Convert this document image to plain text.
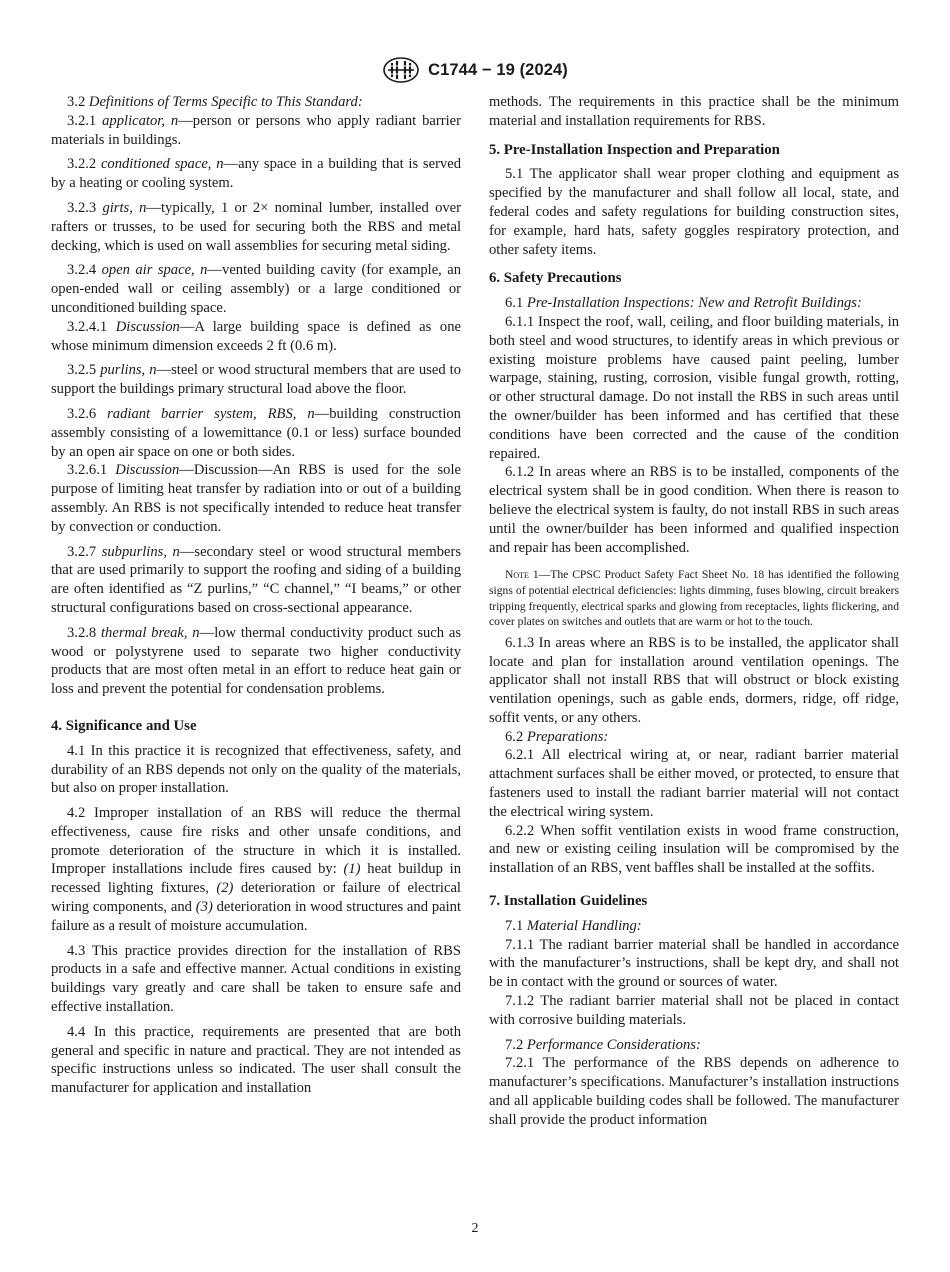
C1744 − 19 (2024)

3.2 Definitions of Terms Specific to This Standard:

3.2.1 applicator, n—person or persons who apply radiant barrier materials in buildings.

3.2.2 conditioned space, n—any space in a building that is served by a heating or cooling system.

3.2.3 girts, n—typically, 1 or 2× nominal lumber, installed over rafters or trusses, to be used for securing both the RBS and metal decking, which is used on wall assemblies for securing metal siding.

3.2.4 open air space, n—vented building cavity (for example, an open-ended wall or ceiling assembly) or a large conditioned or unconditioned building space.

3.2.4.1 Discussion—A large building space is defined as one whose minimum dimension exceeds 2 ft (0.6 m).

3.2.5 purlins, n—steel or wood structural members that are used to support the buildings primary structural load above the floor.

3.2.6 radiant barrier system, RBS, n—building construction assembly consisting of a lowemittance (0.1 or less) surface bounded by an open air space on one or both sides.

3.2.6.1 Discussion—Discussion—An RBS is used for the sole purpose of limiting heat transfer by radiation into or out of a building assembly. An RBS is not specifically intended to reduce heat transfer by convection or conduction.

3.2.7 subpurlins, n—secondary steel or wood structural members that are used primarily to support the roofing and siding of a building are often identified as “Z purlins,” “C channel,” “I beams,” or other structural configurations based on cross-sectional appearance.

3.2.8 thermal break, n—low thermal conductivity product such as wood or polystyrene used to separate two higher conductivity products that are most often metal in an effort to reduce heat gain or loss and prevent the potential for condensation problems.

4. Significance and Use

4.1 In this practice it is recognized that effectiveness, safety, and durability of an RBS depends not only on the quality of the materials, but also on proper installation.

4.2 Improper installation of an RBS will reduce the thermal effectiveness, cause fire risks and other unsafe conditions, and promote deterioration of the structure in which it is installed. Improper installations include fires caused by: (1) heat buildup in recessed lighting fixtures, (2) deterioration or failure of electrical wiring components, and (3) deterioration in wood structures and paint failure as a result of moisture accumulation.

4.3 This practice provides direction for the installation of RBS products in a safe and effective manner. Actual conditions in existing buildings vary greatly and care shall be taken to ensure safe and effective installation.

4.4 In this practice, requirements are presented that are both general and specific in nature and practical. They are not intended as specific instructions unless so indicated. The user shall consult the manufacturer for application and installation

methods. The requirements in this practice shall be the minimum material and installation requirements for RBS.

5. Pre-Installation Inspection and Preparation

5.1 The applicator shall wear proper clothing and equipment as specified by the manufacturer and shall follow all local, state, and federal codes and safety regulations for building construction sites, for example, hard hats, safety goggles respiratory protection, and other safety items.

6. Safety Precautions

6.1 Pre-Installation Inspections: New and Retrofit Buildings:

6.1.1 Inspect the roof, wall, ceiling, and floor building materials, in both steel and wood structures, to identify areas in which previous or existing moisture problems have caused paint peeling, lumber warpage, staining, rusting, corrosion, visible fungal growth, rotting, or other structural damage. Do not install the RBS in such areas until the owner/builder has been informed and has certified that these conditions have been corrected and the cause of the condition repaired.

6.1.2 In areas where an RBS is to be installed, components of the electrical system shall be in good condition. When there is reason to believe the electrical system is faulty, do not install RBS in such areas until the owner/builder has been informed and qualified inspection and repair has been accomplished.

Note 1—The CPSC Product Safety Fact Sheet No. 18 has identified the following signs of potential electrical deficiencies: lights dimming, fuses blowing, circuit breakers tripping frequently, electrical sparks and glowing from receptacles, lights flickering, and cover plates on switches and outlets that are warm or hot to the touch.

6.1.3 In areas where an RBS is to be installed, the applicator shall locate and plan for installation around ventilation openings. The applicator shall not install RBS that will obstruct or block existing ventilation openings, such as gable ends, dormers, ridge, off ridge, soffit vents, or any others.

6.2 Preparations:

6.2.1 All electrical wiring at, or near, radiant barrier material attachment surfaces shall be either moved, or protected, to ensure that fasteners used to install the radiant barrier material will not contact the electrical wiring system.

6.2.2 When soffit ventilation exists in wood frame construction, and new or existing ceiling insulation will be compromised by the installation of an RBS, vent baffles shall be installed at the soffits.

7. Installation Guidelines

7.1 Material Handling:

7.1.1 The radiant barrier material shall be handled in accordance with the manufacturer’s instructions, shall be kept dry, and shall not be in contact with the ground or sources of water.

7.1.2 The radiant barrier material shall not be placed in contact with corrosive building materials.

7.2 Performance Considerations:

7.2.1 The performance of the RBS depends on adherence to manufacturer’s specifications. Manufacturer’s installation instructions and all applicable building codes shall be followed. The manufacturer shall provide the product information

2
